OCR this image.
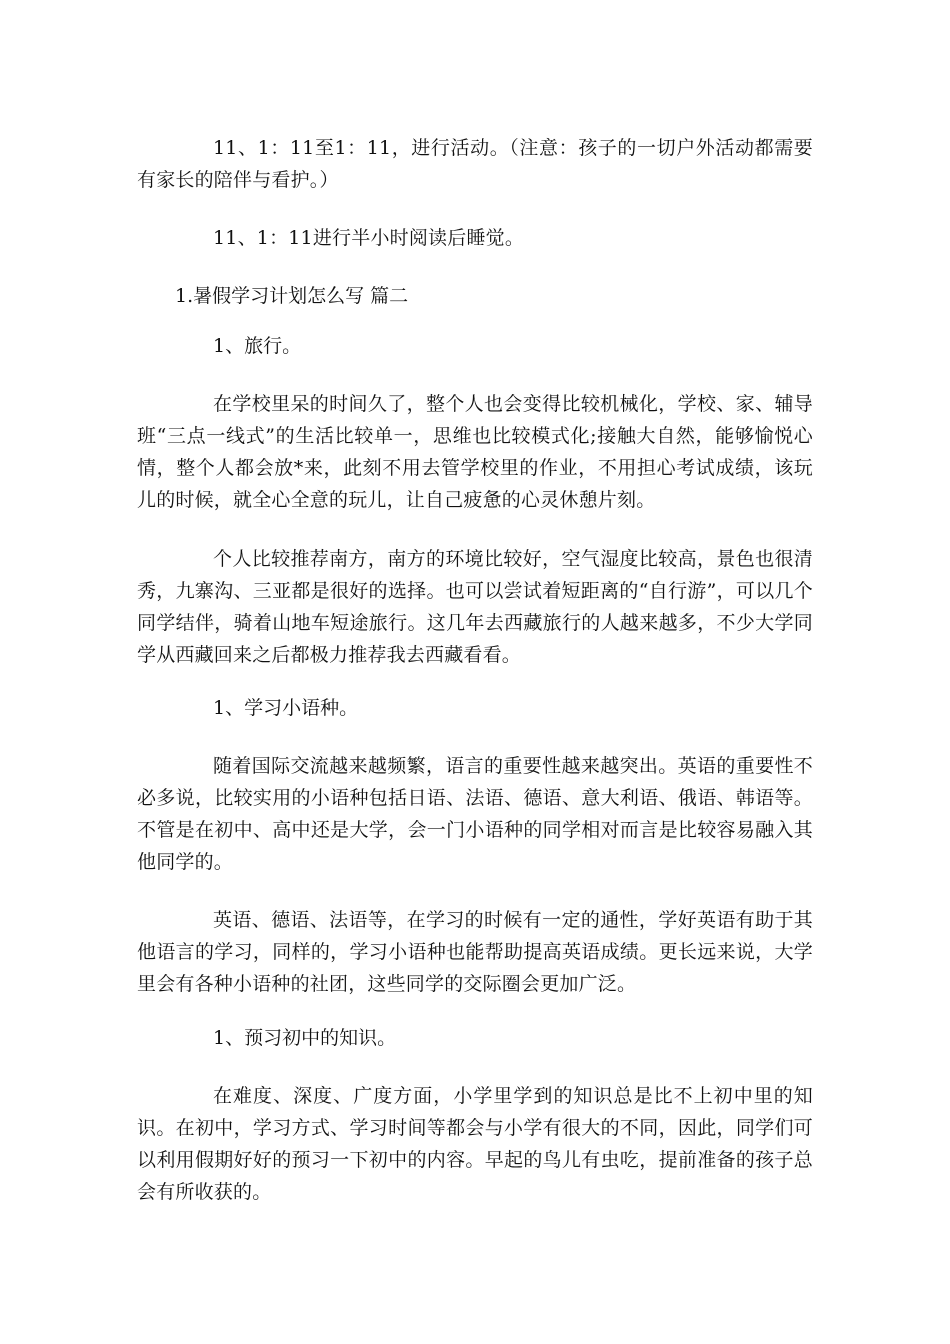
11、1：11至1：11，进行活动。（注意：孩子的一切户外活动都需要有家长的陪伴与看护。）

11、1：11进行半小时阅读后睡觉。

1.暑假学习计划怎么写 篇二

1、旅行。

在学校里呆的时间久了，整个人也会变得比较机械化，学校、家、辅导班“三点一线式”的生活比较单一，思维也比较模式化;接触大自然，能够愉悦心情，整个人都会放*来，此刻不用去管学校里的作业，不用担心考试成绩，该玩儿的时候，就全心全意的玩儿，让自己疲惫的心灵休憩片刻。

个人比较推荐南方，南方的环境比较好，空气湿度比较高，景色也很清秀，九寨沟、三亚都是很好的选择。也可以尝试着短距离的“自行游”，可以几个同学结伴，骑着山地车短途旅行。这几年去西藏旅行的人越来越多，不少大学同学从西藏回来之后都极力推荐我去西藏看看。

1、学习小语种。

随着国际交流越来越频繁，语言的重要性越来越突出。英语的重要性不必多说，比较实用的小语种包括日语、法语、德语、意大利语、俄语、韩语等。不管是在初中、高中还是大学，会一门小语种的同学相对而言是比较容易融入其他同学的。

英语、德语、法语等，在学习的时候有一定的通性，学好英语有助于其他语言的学习，同样的，学习小语种也能帮助提高英语成绩。更长远来说，大学里会有各种小语种的社团，这些同学的交际圈会更加广泛。

1、预习初中的知识。

在难度、深度、广度方面，小学里学到的知识总是比不上初中里的知识。在初中，学习方式、学习时间等都会与小学有很大的不同，因此，同学们可以利用假期好好的预习一下初中的内容。早起的鸟儿有虫吃，提前准备的孩子总会有所收获的。
